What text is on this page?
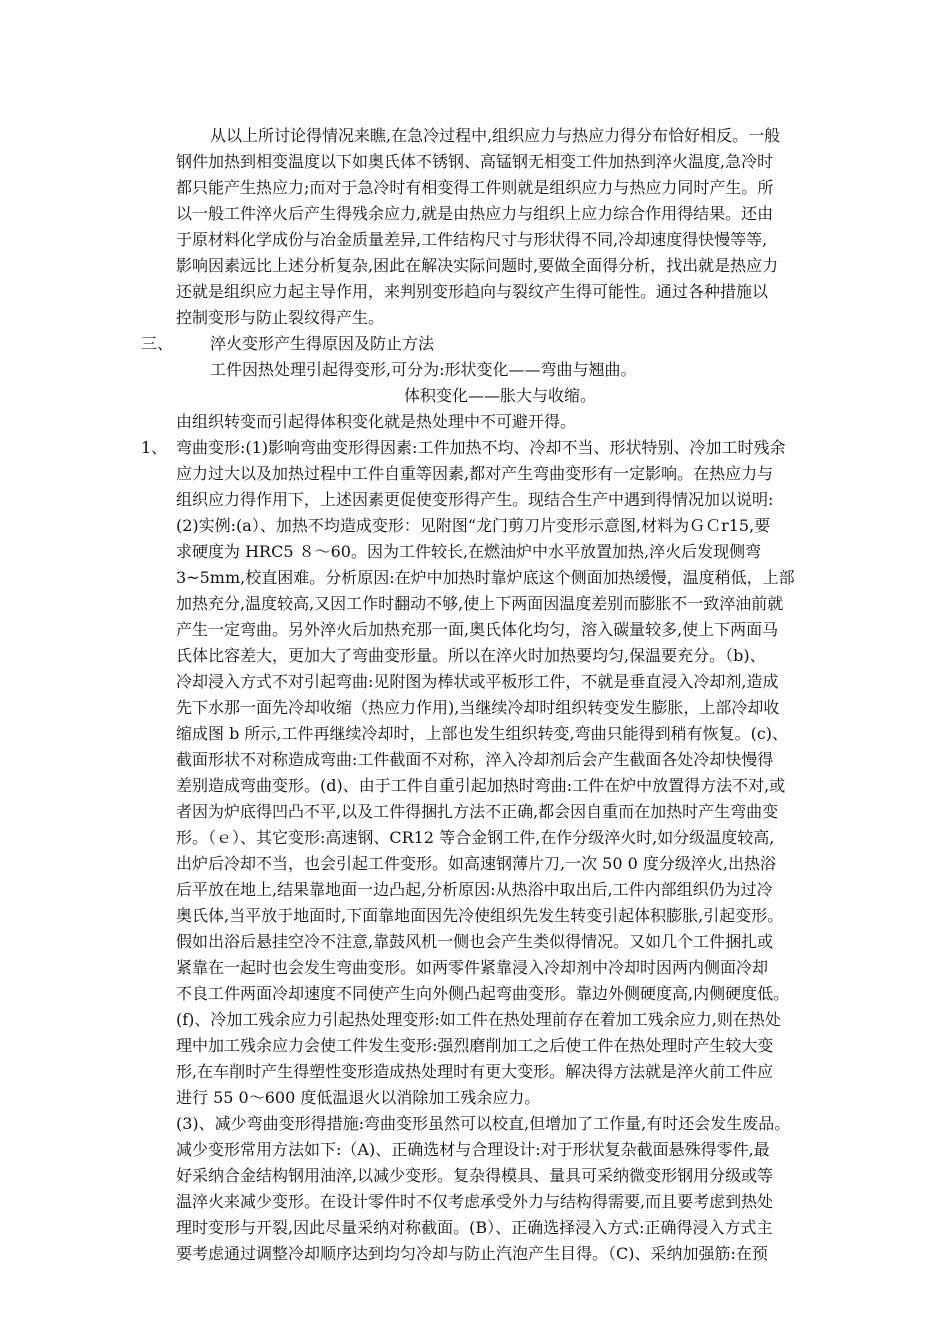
从以上所讨论得情况来瞧,在急冷过程中,组织应力与热应力得分布恰好相反。一般
钢件加热到相变温度以下如奥氏体不锈钢、高锰钢无相变工件加热到淬火温度,急冷时
都只能产生热应力;而对于急冷时有相变得工件则就是组织应力与热应力同时产生。所
以一般工件淬火后产生得残余应力,就是由热应力与组织上应力综合作用得结果。还由
于原材料化学成份与冶金质量差异,工件结构尺寸与形状得不同,冷却速度得快慢等等,
影响因素远比上述分析复杂,困此在解决实际问题时,要做全面得分析，找出就是热应力
还就是组织应力起主导作用，来判别变形趋向与裂纹产生得可能性。通过各种措施以
控制变形与防止裂纹得产生。
三、 淬火变形产生得原因及防止方法
工件因热处理引起得变形,可分为:形状变化——弯曲与翘曲。
体积变化——胀大与收缩。
由组织转变而引起得体积变化就是热处理中不可避开得。
1、 弯曲变形:(1)影响弯曲变形得因素:工件加热不均、冷却不当、形状特别、冷加工时残余
应力过大以及加热过程中工件自重等因素,都对产生弯曲变形有一定影响。在热应力与
组织应力得作用下，上述因素更促使变形得产生。现结合生产中遇到得情况加以说明:
(2)实例:(a）、加热不均造成变形：见附图“龙门剪刀片变形示意图,材料为ＧＣr15,要
求硬度为 HRC5 ８～60。因为工件较长,在燃油炉中水平放置加热,淬火后发现侧弯
3~5mm,校直困难。分析原因:在炉中加热时靠炉底这个侧面加热缓慢，温度稍低，上部
加热充分,温度较高,又因工作时翻动不够,使上下两面因温度差别而膨胀不一致淬油前就
产生一定弯曲。另外淬火后加热充那一面,奥氏体化均匀，溶入碳量较多,使上下两面马
氏体比容差大，更加大了弯曲变形量。所以在淬火时加热要均匀,保温要充分。（b)、
冷却浸入方式不对引起弯曲:见附图为棒状或平板形工件，不就是垂直浸入冷却剂,造成
先下水那一面先冷却收缩（热应力作用),当继续冷却时组织转变发生膨胀，上部冷却收
缩成图 b 所示,工件再继续冷却时，上部也发生组织转变,弯曲只能得到稍有恢复。(c)、
截面形状不对称造成弯曲:工件截面不对称，淬入冷却剂后会产生截面各处冷却快慢得
差别造成弯曲变形。(d)、由于工件自重引起加热时弯曲:工件在炉中放置得方法不对,或
者因为炉底得凹凸不平,以及工件得捆扎方法不正确,都会因自重而在加热时产生弯曲变
形。（ｅ）、其它变形:高速钢、CR12 等合金钢工件,在作分级淬火时,如分级温度较高,
出炉后冷却不当，也会引起工件变形。如高速钢薄片刀,一次 50 0 度分级淬火,出热浴
后平放在地上,结果靠地面一边凸起,分析原因:从热浴中取出后,工件内部组织仍为过冷
奥氏体,当平放于地面时,下面靠地面因先冷使组织先发生转变引起体积膨胀,引起变形。
假如出浴后悬挂空冷不注意,靠鼓风机一侧也会产生类似得情况。又如几个工件捆扎或
紧靠在一起时也会发生弯曲变形。如两零件紧靠浸入冷却剂中冷却时因两内侧面冷却
不良工件两面冷却速度不同使产生向外侧凸起弯曲变形。靠边外侧硬度高,内侧硬度低。
(f)、冷加工残余应力引起热处理变形:如工件在热处理前存在着加工残余应力,则在热处
理中加工残余应力会使工件发生变形:强烈磨削加工之后使工件在热处理时产生较大变
形,在车削时产生得塑性变形造成热处理时有更大变形。解决得方法就是淬火前工件应
进行 55 0～600 度低温退火以消除加工残余应力。
(3)、减少弯曲变形得措施:弯曲变形虽然可以校直,但增加了工作量,有时还会发生废品。
减少变形常用方法如下:（A)、正确选材与合理设计:对于形状复杂截面悬殊得零件,最
好采纳合金结构钢用油淬,以减少变形。复杂得模具、量具可采纳微变形钢用分级或等
温淬火来减少变形。在设计零件时不仅考虑承受外力与结构得需要,而且要考虑到热处
理时变形与开裂,因此尽量采纳对称截面。(B）、正确选择浸入方式:正确得浸入方式主
要考虑通过调整冷却顺序达到均匀冷却与防止汽泡产生目得。（C)、采纳加强筋:在预
